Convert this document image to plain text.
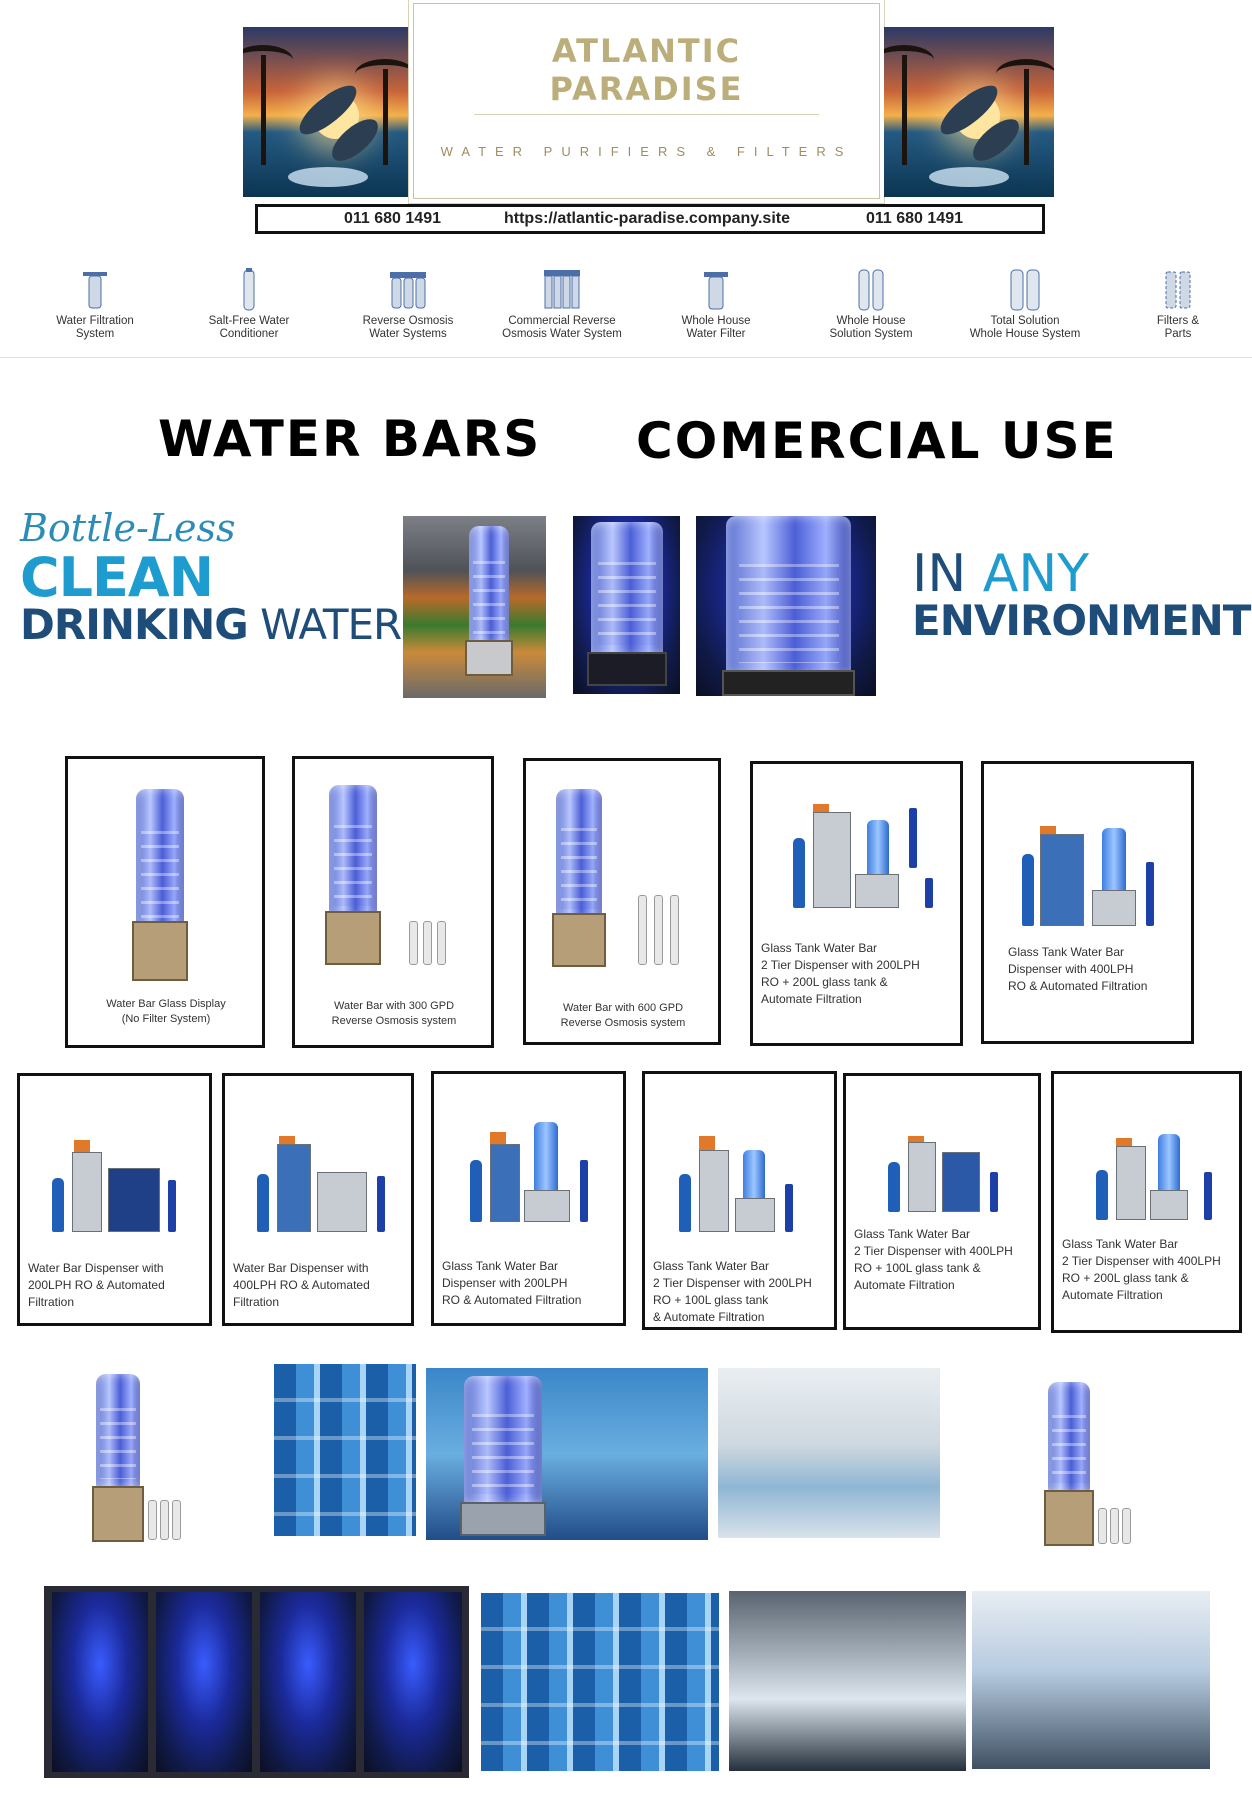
ATLANTIC
PARADISE
WATER PURIFIERS & FILTERS
011 680 1491	https://atlantic-paradise.company.site	011 680 1491
Water Filtration
System
Salt-Free Water
Conditioner
Reverse Osmosis
Water Systems
Commercial Reverse
Osmosis Water System
Whole House
Water Filter
Whole House
Solution System
Total Solution
Whole House System
Filters &
Parts
WATER BARS COMERCIAL USE
Bottle-Less
CLEAN
DRINKING WATER
IN ANY
ENVIRONMENT
Water Bar Glass Display
(No Filter System)
Water Bar with 300 GPD
Reverse Osmosis system
Water Bar with 600 GPD
Reverse Osmosis system
Glass Tank Water Bar
2 Tier Dispenser with 200LPH
RO + 200L glass tank &
Automate Filtration
Glass Tank Water Bar
Dispenser with 400LPH
RO & Automated Filtration
Water Bar Dispenser with
200LPH RO & Automated
Filtration
Water Bar Dispenser with
400LPH RO & Automated
Filtration
Glass Tank Water Bar
Dispenser with 200LPH
RO & Automated Filtration
Glass Tank Water Bar
2 Tier Dispenser with 200LPH
RO + 100L glass tank
& Automate Filtration
Glass Tank Water Bar
2 Tier Dispenser with 400LPH
RO + 100L glass tank &
Automate Filtration
Glass Tank Water Bar
2 Tier Dispenser with 400LPH
RO + 200L glass tank &
Automate Filtration
